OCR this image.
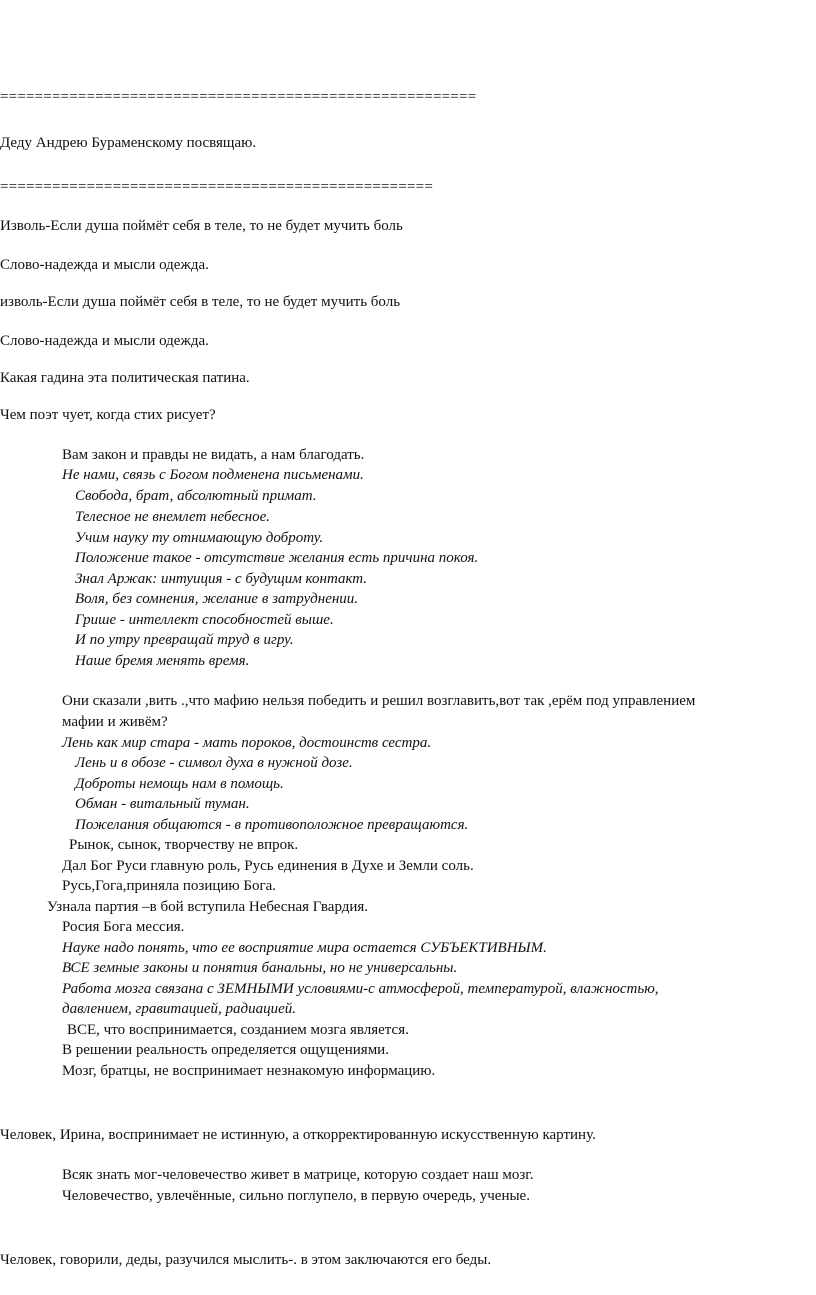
=======================================================
Деду Андрею Бураменскому посвящаю.
==================================================
Изволь-Если душа поймёт себя в теле, то не будет мучить боль
Слово-надежда и мысли одежда.
изволь-Если душа поймёт себя в теле, то не будет мучить боль
Слово-надежда и мысли одежда.
Какая гадина эта политическая патина.
Чем поэт чует, когда стих рисует?
Вам закон и правды не видать, а нам благодать.
Не нами, связь с Богом подменена письменами.
Свобода, брат, абсолютный примат.
Телесное не внемлет небесное.
Учим науку ту отнимающую доброту.
Положение такое - отсутствие желания есть причина покоя.
Знал Аржак: интуиция - с будущим контакт.
Воля, без сомнения, желание в затруднении.
Грише - интеллект способностей выше.
И по утру превращай труд в игру.
Наше бремя менять время.
Они сказали ,вить .,что мафию нельзя победить и решил возглавить,вот так ,ерём под управлением
мафии и живём?
Лень как мир стара - мать пороков, достоинств сестра.
Лень и в обозе - символ духа в нужной дозе.
Доброты немощь нам в помощь.
Обман - витальный туман.
Пожелания общаются - в противоположное превращаются.
Рынок, сынок, творчеству не впрок.
Дал Бог Руси главную роль, Русь единения в Духе и Земли соль.
Русь,Гога,приняла позицию Бога.
Узнала партия –в бой вступила Небесная Гвардия.
Росия Бога мессия.
Науке надо понять, что ее восприятие мира остается СУБЪЕКТИВНЫМ.
ВСЕ земные законы и понятия банальны, но не универсальны.
Работа мозга связана с ЗЕМНЫМИ условиями-с атмосферой, температурой, влажностью,
давлением, гравитацией, радиацией.
ВСЕ, что воспринимается, созданием мозга является.
В решении реальность определяется ощущениями.
Мозг, братцы, не воспринимает незнакомую информацию.
Человек, Ирина, воспринимает не истинную, а откорректированную искусственную картину.
Всяк знать мог-человечество живет в матрице, которую создает наш мозг.
Человечество, увлечённые, сильно поглупело, в первую очередь, ученые.
Человек, говорили, деды, разучился мыслить-. в этом заключаются его беды.
